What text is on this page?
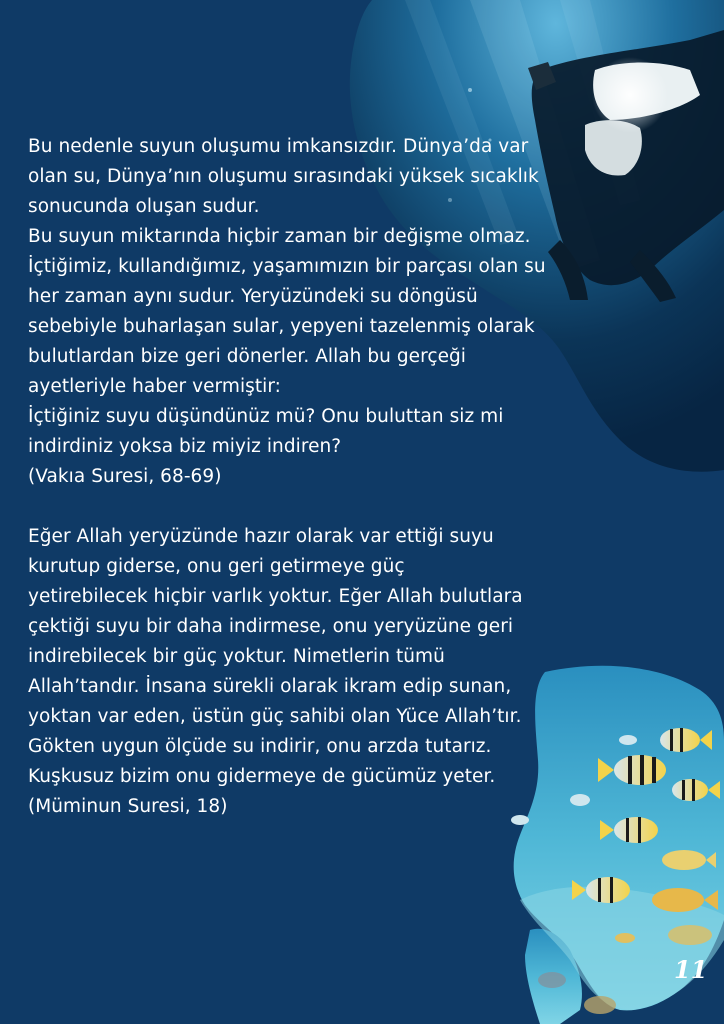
Bu nedenle suyun oluşumu imkansızdır. Dünya’da var
olan su, Dünya’nın oluşumu sırasındaki yüksek sıcaklık
sonucunda oluşan sudur.
Bu suyun miktarında hiçbir zaman bir değişme olmaz.
İçtiğimiz, kullandığımız, yaşamımızın bir parçası olan su
her zaman aynı sudur. Yeryüzündeki su döngüsü
sebebiyle buharlaşan sular, yepyeni tazelenmiş olarak
bulutlardan bize geri dönerler. Allah bu gerçeği
ayetleriyle haber vermiştir:
İçtiğiniz suyu düşündünüz mü? Onu buluttan siz mi
indirdiniz yoksa biz miyiz indiren?
(Vakıa Suresi, 68-69)
Eğer Allah yeryüzünde hazır olarak var ettiği suyu
kurutup giderse, onu geri getirmeye güç
yetirebilecek hiçbir varlık yoktur. Eğer Allah bulutlara
çektiği suyu bir daha indirmese, onu yeryüzüne geri
indirebilecek bir güç yoktur. Nimetlerin tümü
Allah’tandır. İnsana sürekli olarak ikram edip sunan,
yoktan var eden, üstün güç sahibi olan Yüce Allah’tır.
Gökten uygun ölçüde su indirir, onu arzda tutarız.
Kuşkusuz bizim onu gidermeye de gücümüz yeter.
(Müminun Suresi, 18)
11
